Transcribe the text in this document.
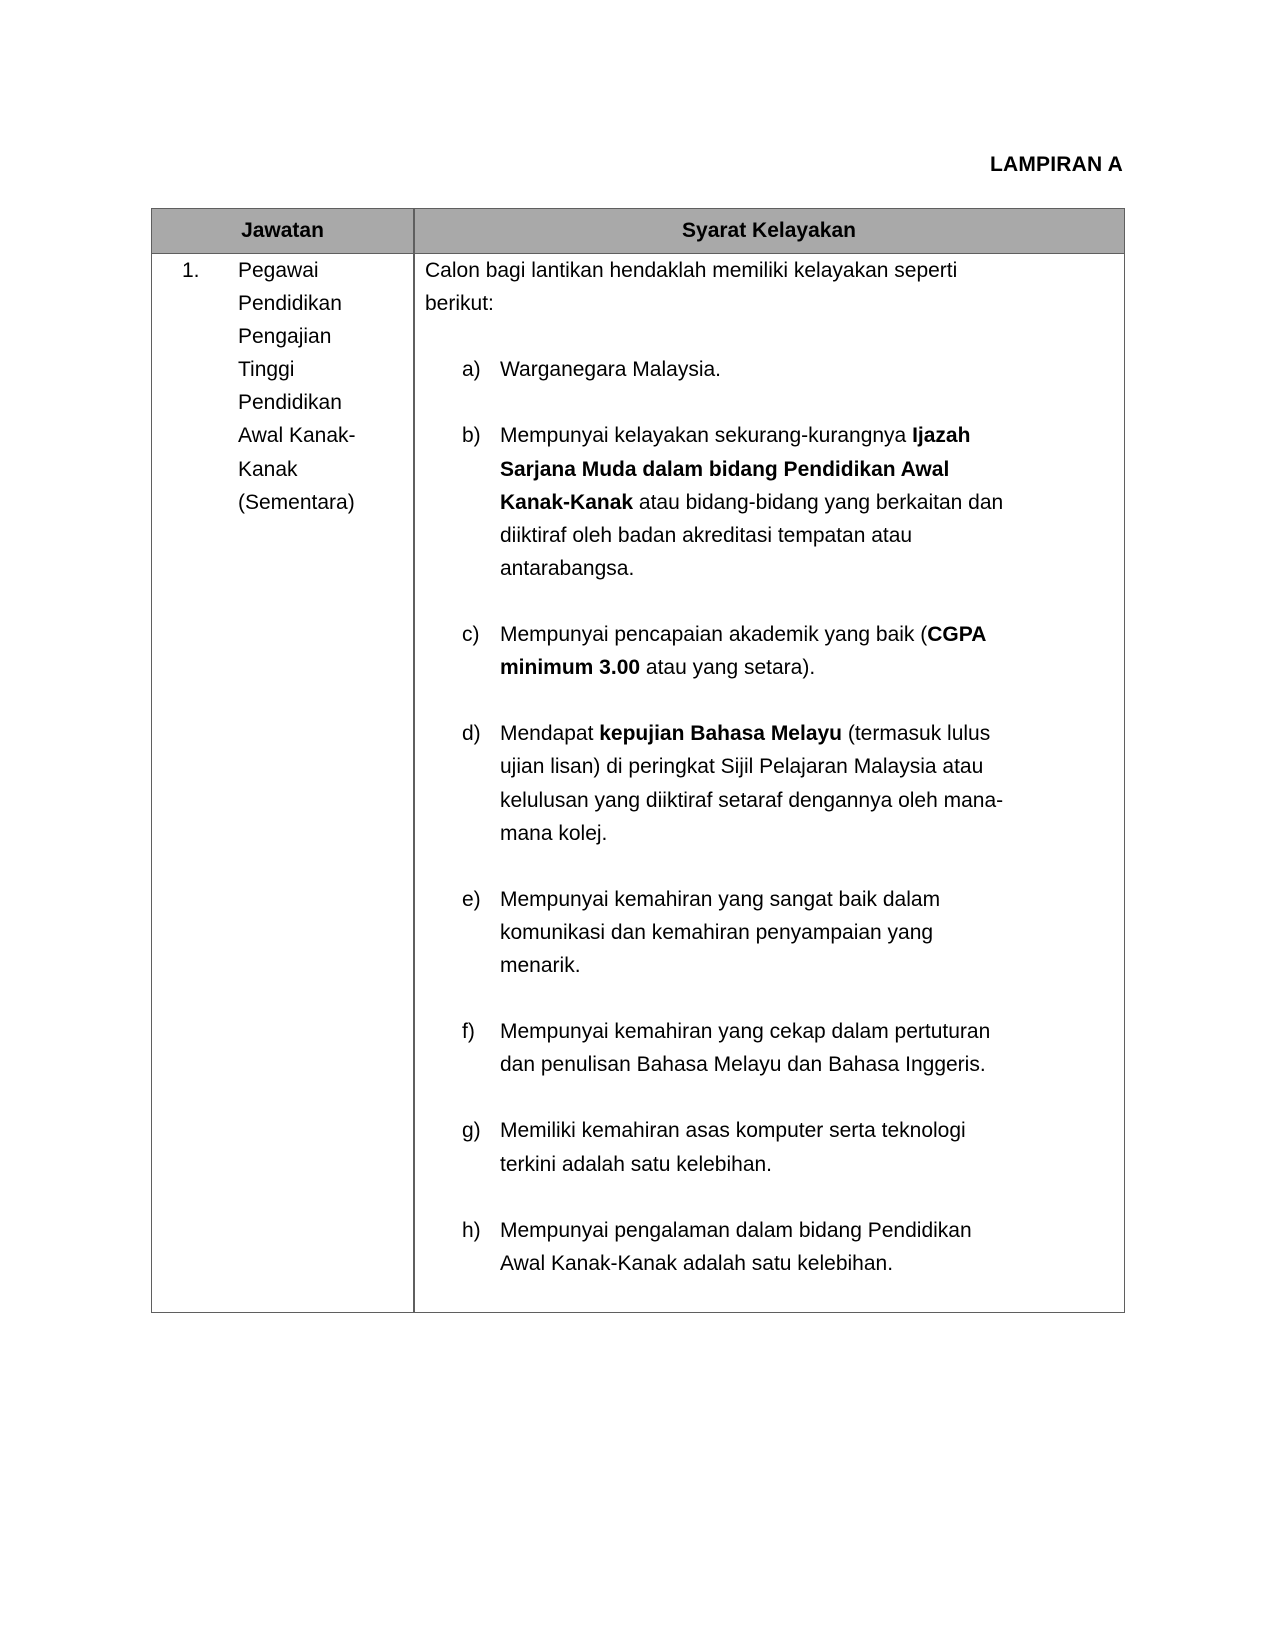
LAMPIRAN A
Jawatan	Syarat Kelayakan
1. Pegawai
Pendidikan
Pengajian
Tinggi
Pendidikan
Awal Kanak-
Kanak
(Sementara)
Calon bagi lantikan hendaklah memiliki kelayakan seperti
berikut:
a) Warganegara Malaysia.
b) Mempunyai kelayakan sekurang-kurangnya Ijazah
Sarjana Muda dalam bidang Pendidikan Awal
Kanak-Kanak atau bidang-bidang yang berkaitan dan
diiktiraf oleh badan akreditasi tempatan atau
antarabangsa.
c) Mempunyai pencapaian akademik yang baik (CGPA
minimum 3.00 atau yang setara).
d) Mendapat kepujian Bahasa Melayu (termasuk lulus
ujian lisan) di peringkat Sijil Pelajaran Malaysia atau
kelulusan yang diiktiraf setaraf dengannya oleh mana-
mana kolej.
e) Mempunyai kemahiran yang sangat baik dalam
komunikasi dan kemahiran penyampaian yang
menarik.
f) Mempunyai kemahiran yang cekap dalam pertuturan
dan penulisan Bahasa Melayu dan Bahasa Inggeris.
g) Memiliki kemahiran asas komputer serta teknologi
terkini adalah satu kelebihan.
h) Mempunyai pengalaman dalam bidang Pendidikan
Awal Kanak-Kanak adalah satu kelebihan.
